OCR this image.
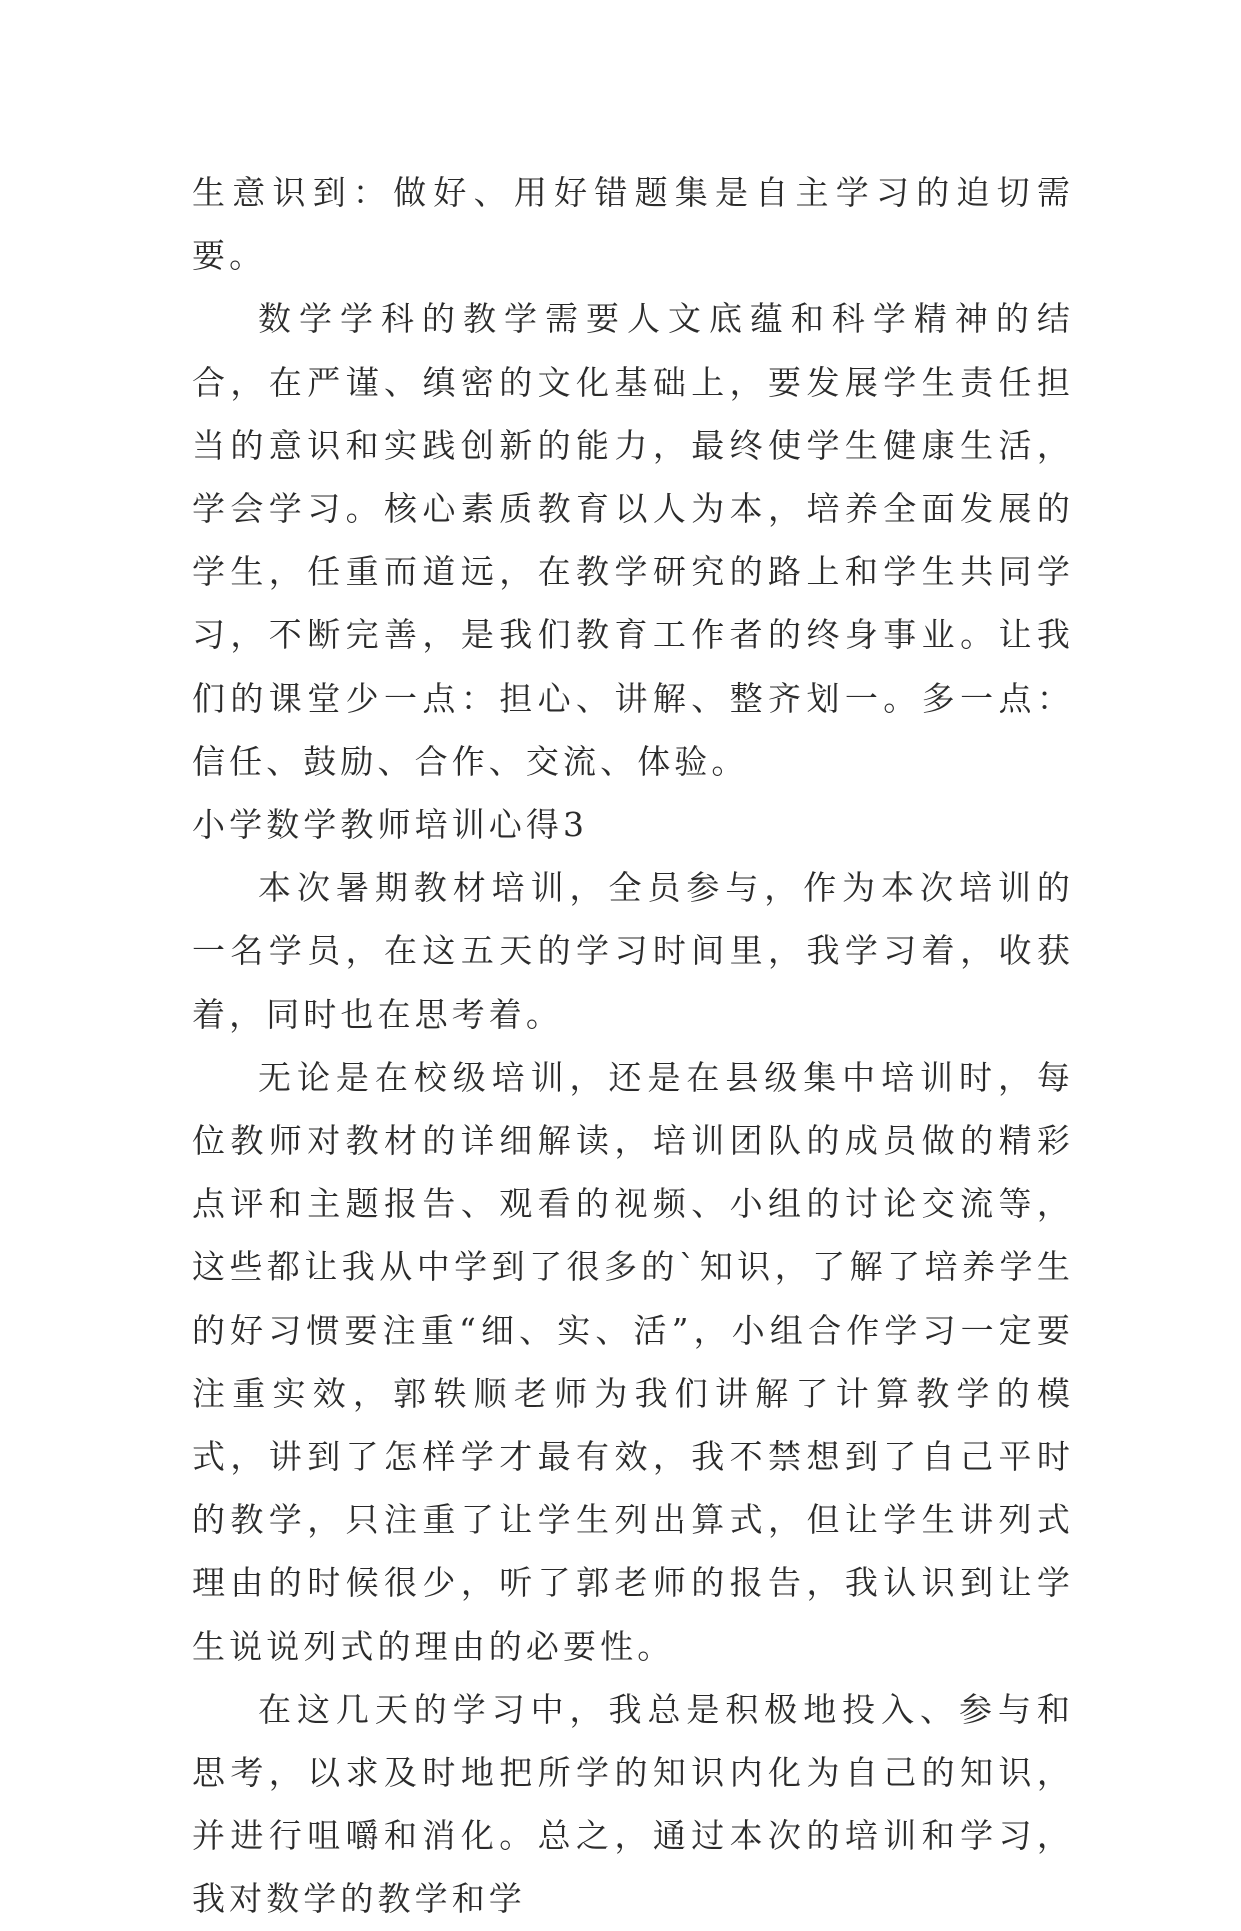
生意识到：做好、用好错题集是自主学习的迫切需要。

数学学科的教学需要人文底蕴和科学精神的结合，在严谨、缜密的文化基础上，要发展学生责任担当的意识和实践创新的能力，最终使学生健康生活，学会学习。核心素质教育以人为本，培养全面发展的学生，任重而道远，在教学研究的路上和学生共同学习，不断完善，是我们教育工作者的终身事业。让我们的课堂少一点：担心、讲解、整齐划一。多一点：信任、鼓励、合作、交流、体验。

小学数学教师培训心得3

本次暑期教材培训，全员参与，作为本次培训的一名学员，在这五天的学习时间里，我学习着，收获着，同时也在思考着。

无论是在校级培训，还是在县级集中培训时，每位教师对教材的详细解读，培训团队的成员做的精彩点评和主题报告、观看的视频、小组的讨论交流等，这些都让我从中学到了很多的`知识，了解了培养学生的好习惯要注重“细、实、活”，小组合作学习一定要注重实效，郭轶顺老师为我们讲解了计算教学的模式，讲到了怎样学才最有效，我不禁想到了自己平时的教学，只注重了让学生列出算式，但让学生讲列式理由的时候很少，听了郭老师的报告，我认识到让学生说说列式的理由的必要性。

在这几天的学习中，我总是积极地投入、参与和思考，以求及时地把所学的知识内化为自己的知识，并进行咀嚼和消化。总之，通过本次的培训和学习，我对数学的教学和学
